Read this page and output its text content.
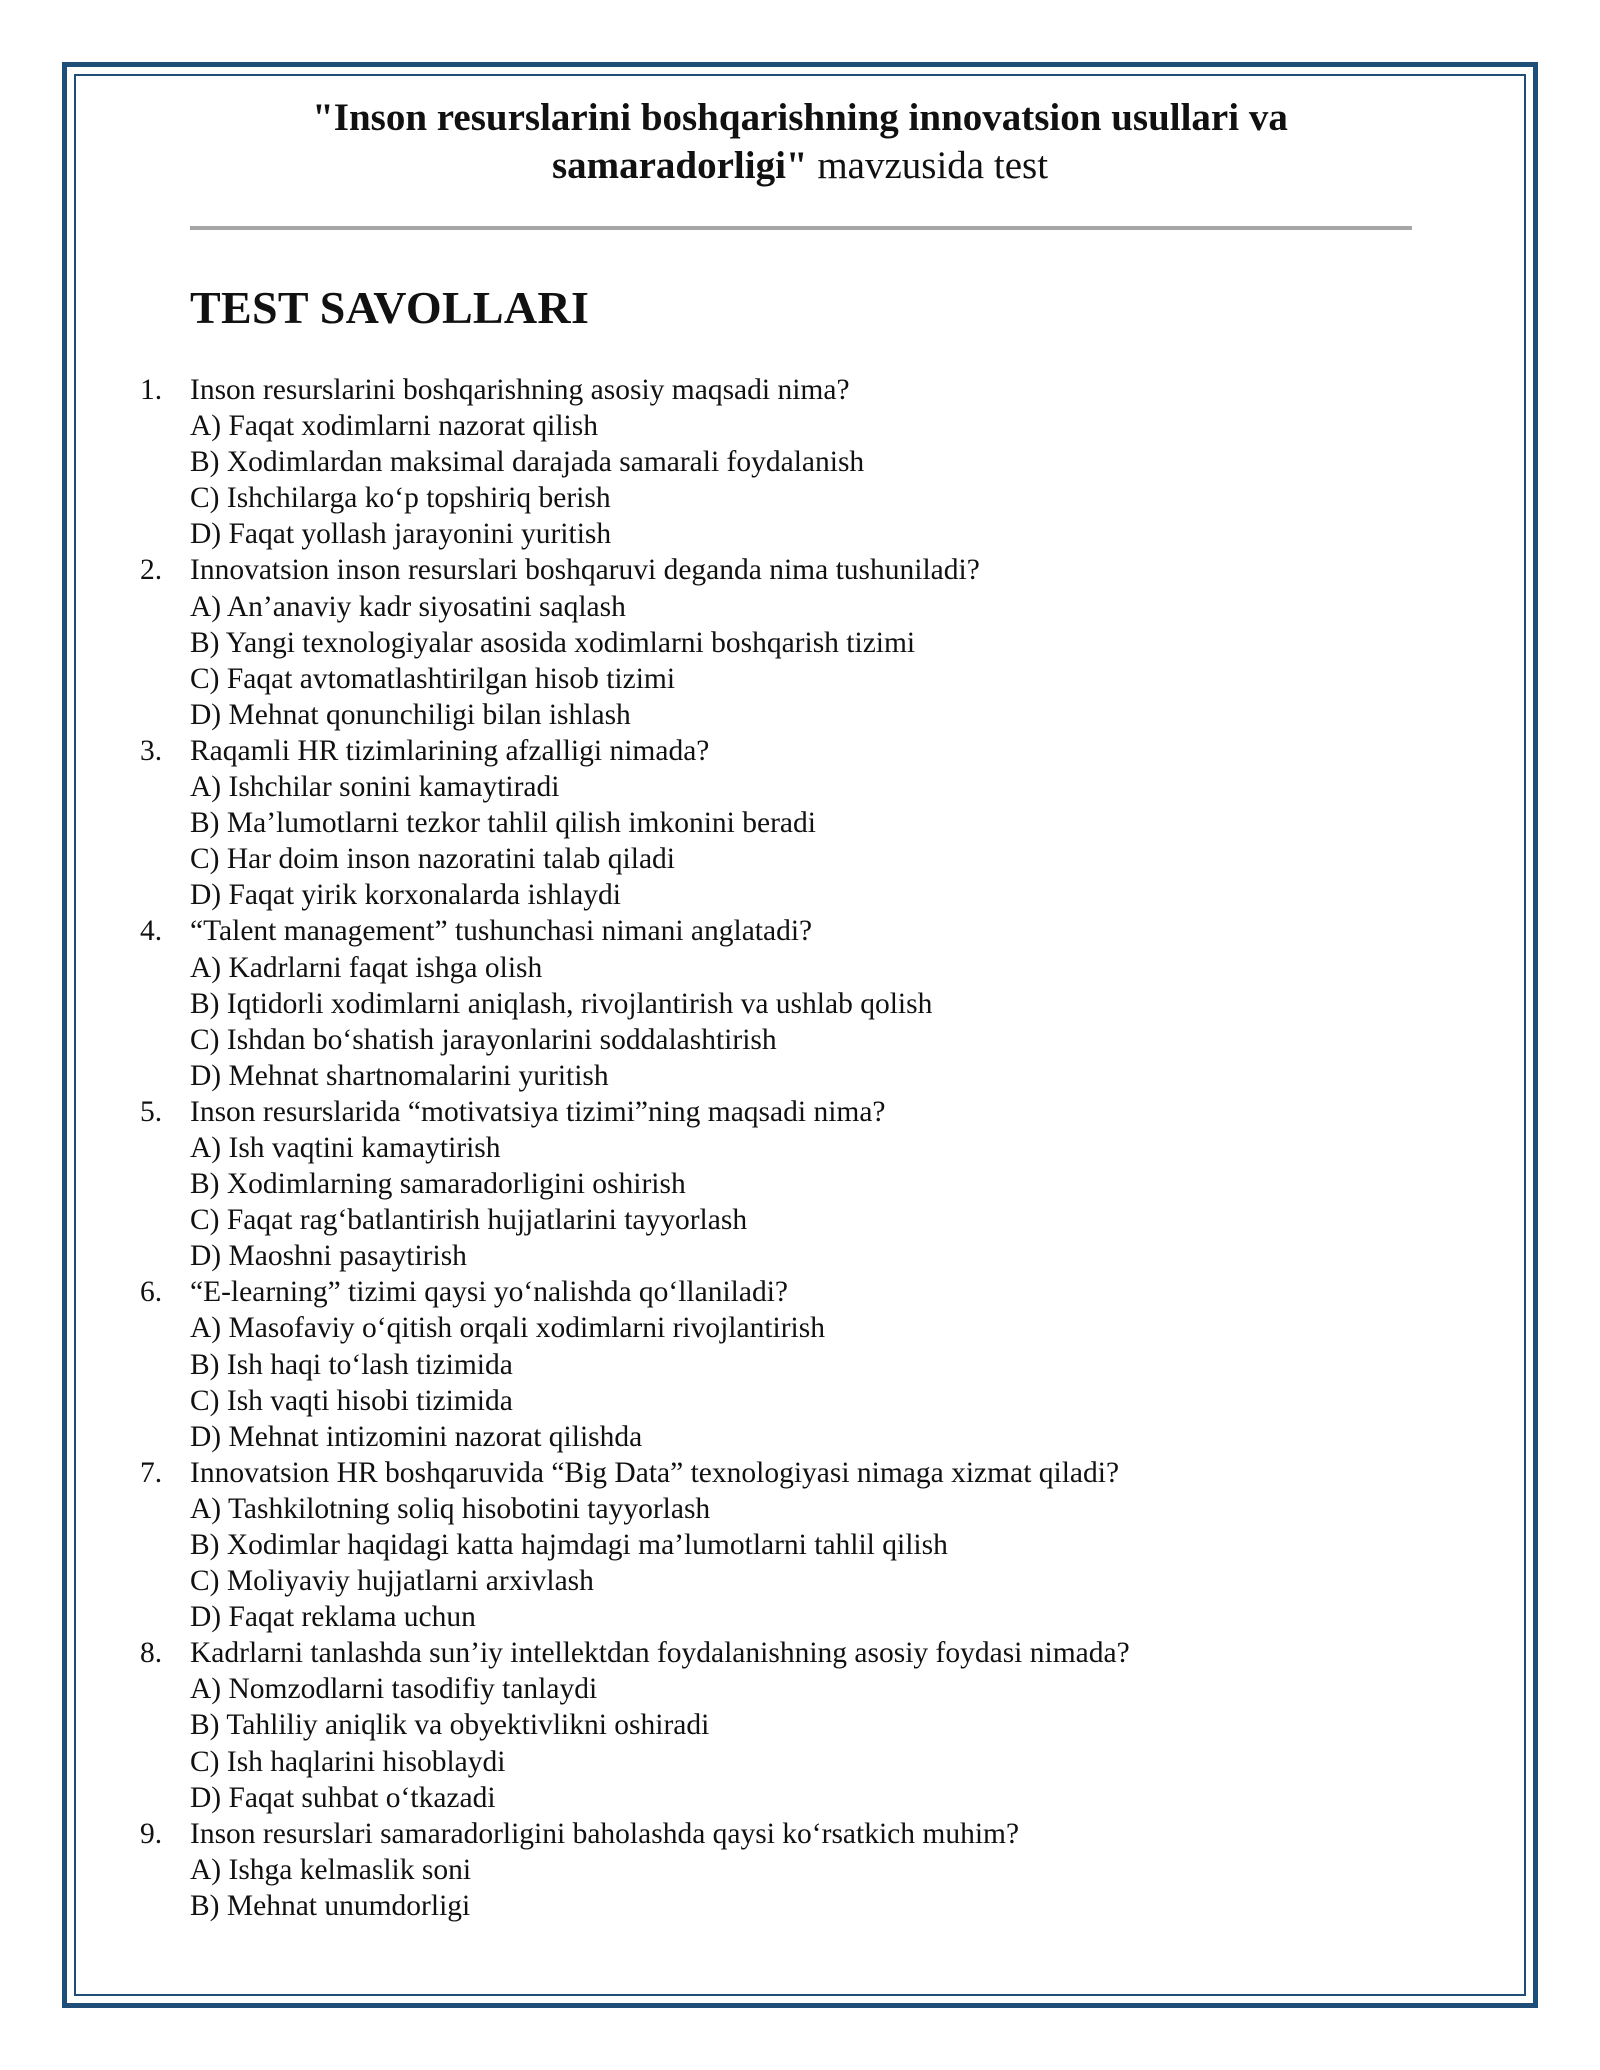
"Inson resurslarini boshqarishning innovatsion usullari va samaradorligi" mavzusida test
TEST SAVOLLARI
1. Inson resurslarini boshqarishning asosiy maqsadi nima?
A) Faqat xodimlarni nazorat qilish
B) Xodimlardan maksimal darajada samarali foydalanish
C) Ishchilarga ko‘p topshiriq berish
D) Faqat yollash jarayonini yuritish
2. Innovatsion inson resurslari boshqaruvi deganda nima tushuniladi?
A) An’anaviy kadr siyosatini saqlash
B) Yangi texnologiyalar asosida xodimlarni boshqarish tizimi
C) Faqat avtomatlashtirilgan hisob tizimi
D) Mehnat qonunchiligi bilan ishlash
3. Raqamli HR tizimlarining afzalligi nimada?
A) Ishchilar sonini kamaytiradi
B) Ma’lumotlarni tezkor tahlil qilish imkonini beradi
C) Har doim inson nazoratini talab qiladi
D) Faqat yirik korxonalarda ishlaydi
4. “Talent management” tushunchasi nimani anglatadi?
A) Kadrlarni faqat ishga olish
B) Iqtidorli xodimlarni aniqlash, rivojlantirish va ushlab qolish
C) Ishdan bo‘shatish jarayonlarini soddalashtirish
D) Mehnat shartnomalarini yuritish
5. Inson resurslarida “motivatsiya tizimi”ning maqsadi nima?
A) Ish vaqtini kamaytirish
B) Xodimlarning samaradorligini oshirish
C) Faqat rag‘batlantirish hujjatlarini tayyorlash
D) Maoshni pasaytirish
6. “E-learning” tizimi qaysi yo‘nalishda qo‘llaniladi?
A) Masofaviy o‘qitish orqali xodimlarni rivojlantirish
B) Ish haqi to‘lash tizimida
C) Ish vaqti hisobi tizimida
D) Mehnat intizomini nazorat qilishda
7. Innovatsion HR boshqaruvida “Big Data” texnologiyasi nimaga xizmat qiladi?
A) Tashkilotning soliq hisobotini tayyorlash
B) Xodimlar haqidagi katta hajmdagi ma’lumotlarni tahlil qilish
C) Moliyaviy hujjatlarni arxivlash
D) Faqat reklama uchun
8. Kadrlarni tanlashda sun’iy intellektdan foydalanishning asosiy foydasi nimada?
A) Nomzodlarni tasodifiy tanlaydi
B) Tahliliy aniqlik va obyektivlikni oshiradi
C) Ish haqlarini hisoblaydi
D) Faqat suhbat o‘tkazadi
9. Inson resurslari samaradorligini baholashda qaysi ko‘rsatkich muhim?
A) Ishga kelmaslik soni
B) Mehnat unumdorligi
